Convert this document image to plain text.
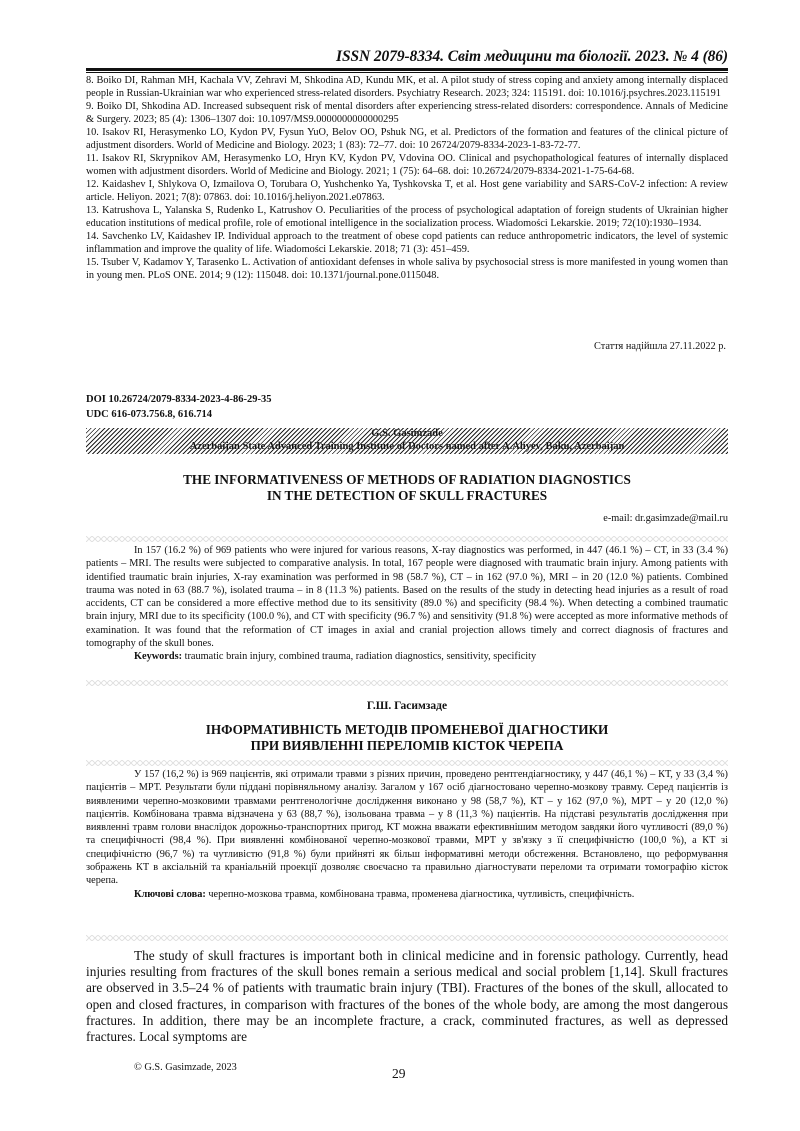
ISSN 2079-8334. Світ медицини та біології. 2023. № 4 (86)

8. Boiko DI, Rahman MH, Kachala VV, Zehravi M, Shkodina AD, Kundu MK, et al. A pilot study of stress coping and anxiety among internally displaced people in Russian-Ukrainian war who experienced stress-related disorders. Psychiatry Research. 2023; 324: 115191. doi: 10.1016/j.psychres.2023.115191

9. Boiko DI, Shkodina AD. Increased subsequent risk of mental disorders after experiencing stress-related disorders: correspondence. Annals of Medicine & Surgery. 2023; 85 (4): 1306–1307 doi: 10.1097/MS9.0000000000000295

10. Isakov RI, Herasymenko LO, Kydon PV, Fysun YuO, Belov OO, Pshuk NG, et al. Predictors of the formation and features of the clinical picture of adjustment disorders. World of Medicine and Biology. 2023; 1 (83): 72–77. doi: 10 26724/2079-8334-2023-1-83-72-77.

11. Isakov RI, Skrypnikov AM, Herasymenko LO, Hryn KV, Kydon PV, Vdovina OO. Clinical and psychopathological features of internally displaced women with adjustment disorders. World of Medicine and Biology. 2021; 1 (75): 64–68. doi: 10.26724/2079-8334-2021-1-75-64-68.

12. Kaidashev I, Shlykova O, Izmailova O, Torubara O, Yushchenko Ya, Tyshkovska T, et al. Host gene variability and SARS-CoV-2 infection: A review article. Heliyon. 2021; 7(8): 07863. doi: 10.1016/j.heliyon.2021.e07863.

13. Katrushova L, Yalanska S, Rudenko L, Katrushov O. Peculiarities of the process of psychological adaptation of foreign students of Ukrainian higher education institutions of medical profile, role of emotional intelligence in the socialization process. Wiadomości Lekarskie. 2019; 72(10):1930–1934.

14. Savchenko LV, Kaidashev IP. Individual approach to the treatment of obese copd patients can reduce anthropometric indicators, the level of systemic inflammation and improve the quality of life. Wiadomości Lekarskie. 2018; 71 (3): 451–459.

15. Tsuber V, Kadamov Y, Tarasenko L. Activation of antioxidant defenses in whole saliva by psychosocial stress is more manifested in young women than in young men. PLoS ONE. 2014; 9 (12): 115048. doi: 10.1371/journal.pone.0115048.

Стаття надійшла 27.11.2022 р.
DOI 10.26724/2079-8334-2023-4-86-29-35
UDC 616-073.756.8, 616.714
G.S. Gasimzade
Azerbaijan State Advanced Training Institute of Doctors named after A.Aliyev, Baku, Azerbaijan
THE INFORMATIVENESS OF METHODS OF RADIATION DIAGNOSTICS
IN THE DETECTION OF SKULL FRACTURES
e-mail: dr.gasimzade@mail.ru

In 157 (16.2 %) of 969 patients who were injured for various reasons, X-ray diagnostics was performed, in 447 (46.1 %) – CT, in 33 (3.4 %) patients – MRI. The results were subjected to comparative analysis. In total, 167 people were diagnosed with traumatic brain injury. Among patients with identified traumatic brain injuries, X-ray examination was performed in 98 (58.7 %), CT – in 162 (97.0 %), MRI – in 20 (12.0 %) patients. Combined trauma was noted in 63 (88.7 %), isolated trauma – in 8 (11.3 %) patients. Based on the results of the study in detecting head injuries as a result of road accidents, CT can be considered a more effective method due to its sensitivity (89.0 %) and specificity (98.4 %). When detecting a combined traumatic brain injury, MRI due to its specificity (100.0 %), and CT with specificity (96.7 %) and sensitivity (91.8 %) were accepted as more informative methods of examination. It was found that the reformation of CT images in axial and cranial projection allows timely and correct diagnosis of fractures and tomography of the skull bones.

Keywords: traumatic brain injury, combined trauma, radiation diagnostics, sensitivity, specificity

Г.Ш. Гасимзаде
ІНФОРМАТИВНІСТЬ МЕТОДІВ ПРОМЕНЕВОЇ ДІАГНОСТИКИ
ПРИ ВИЯВЛЕННІ ПЕРЕЛОМІВ КІСТОК ЧЕРЕПА

У 157 (16,2 %) із 969 пацієнтів, які отримали травми з різних причин, проведено рентгендіагностику, у 447 (46,1 %) – КТ, у 33 (3,4 %) пацієнтів – МРТ. Результати були піддані порівняльному аналізу. Загалом у 167 осіб діагностовано черепно-мозкову травму. Серед пацієнтів із виявленими черепно-мозковими травмами рентгенологічне дослідження виконано у 98 (58,7 %), КТ – у 162 (97,0 %), МРТ – у 20 (12,0 %) пацієнтів. Комбінована травма відзначена у 63 (88,7 %), ізольована травма – у 8 (11,3 %) пацієнтів. На підставі результатів дослідження при виявленні травм голови внаслідок дорожньо-транспортних пригод, КТ можна вважати ефективнішим методом завдяки його чутливості (89,0 %) та специфічності (98,4 %). При виявленні комбінованої черепно-мозкової травми, МРТ у зв'язку з її специфічністю (100,0 %), а КТ зі специфічністю (96,7 %) та чутливістю (91,8 %) були прийняті як більш інформативні методи обстеження. Встановлено, що реформування зображень КТ в аксіальній та краніальній проекції дозволяє своєчасно та правильно діагностувати переломи та отримати томографію кісток черепа.

Ключові слова: черепно-мозкова травма, комбінована травма, променева діагностика, чутливість, специфічність.

The study of skull fractures is important both in clinical medicine and in forensic pathology. Currently, head injuries resulting from fractures of the skull bones remain a serious medical and social problem [1,14]. Skull fractures are observed in 3.5–24 % of patients with traumatic brain injury (TBI). Fractures of the bones of the skull, allocated to open and closed fractures, in comparison with fractures of the bones of the whole body, are among the most dangerous fractures. In addition, there may be an incomplete fracture, a crack, comminuted fractures, as well as depressed fractures. Local symptoms are

© G.S. Gasimzade, 2023	29
